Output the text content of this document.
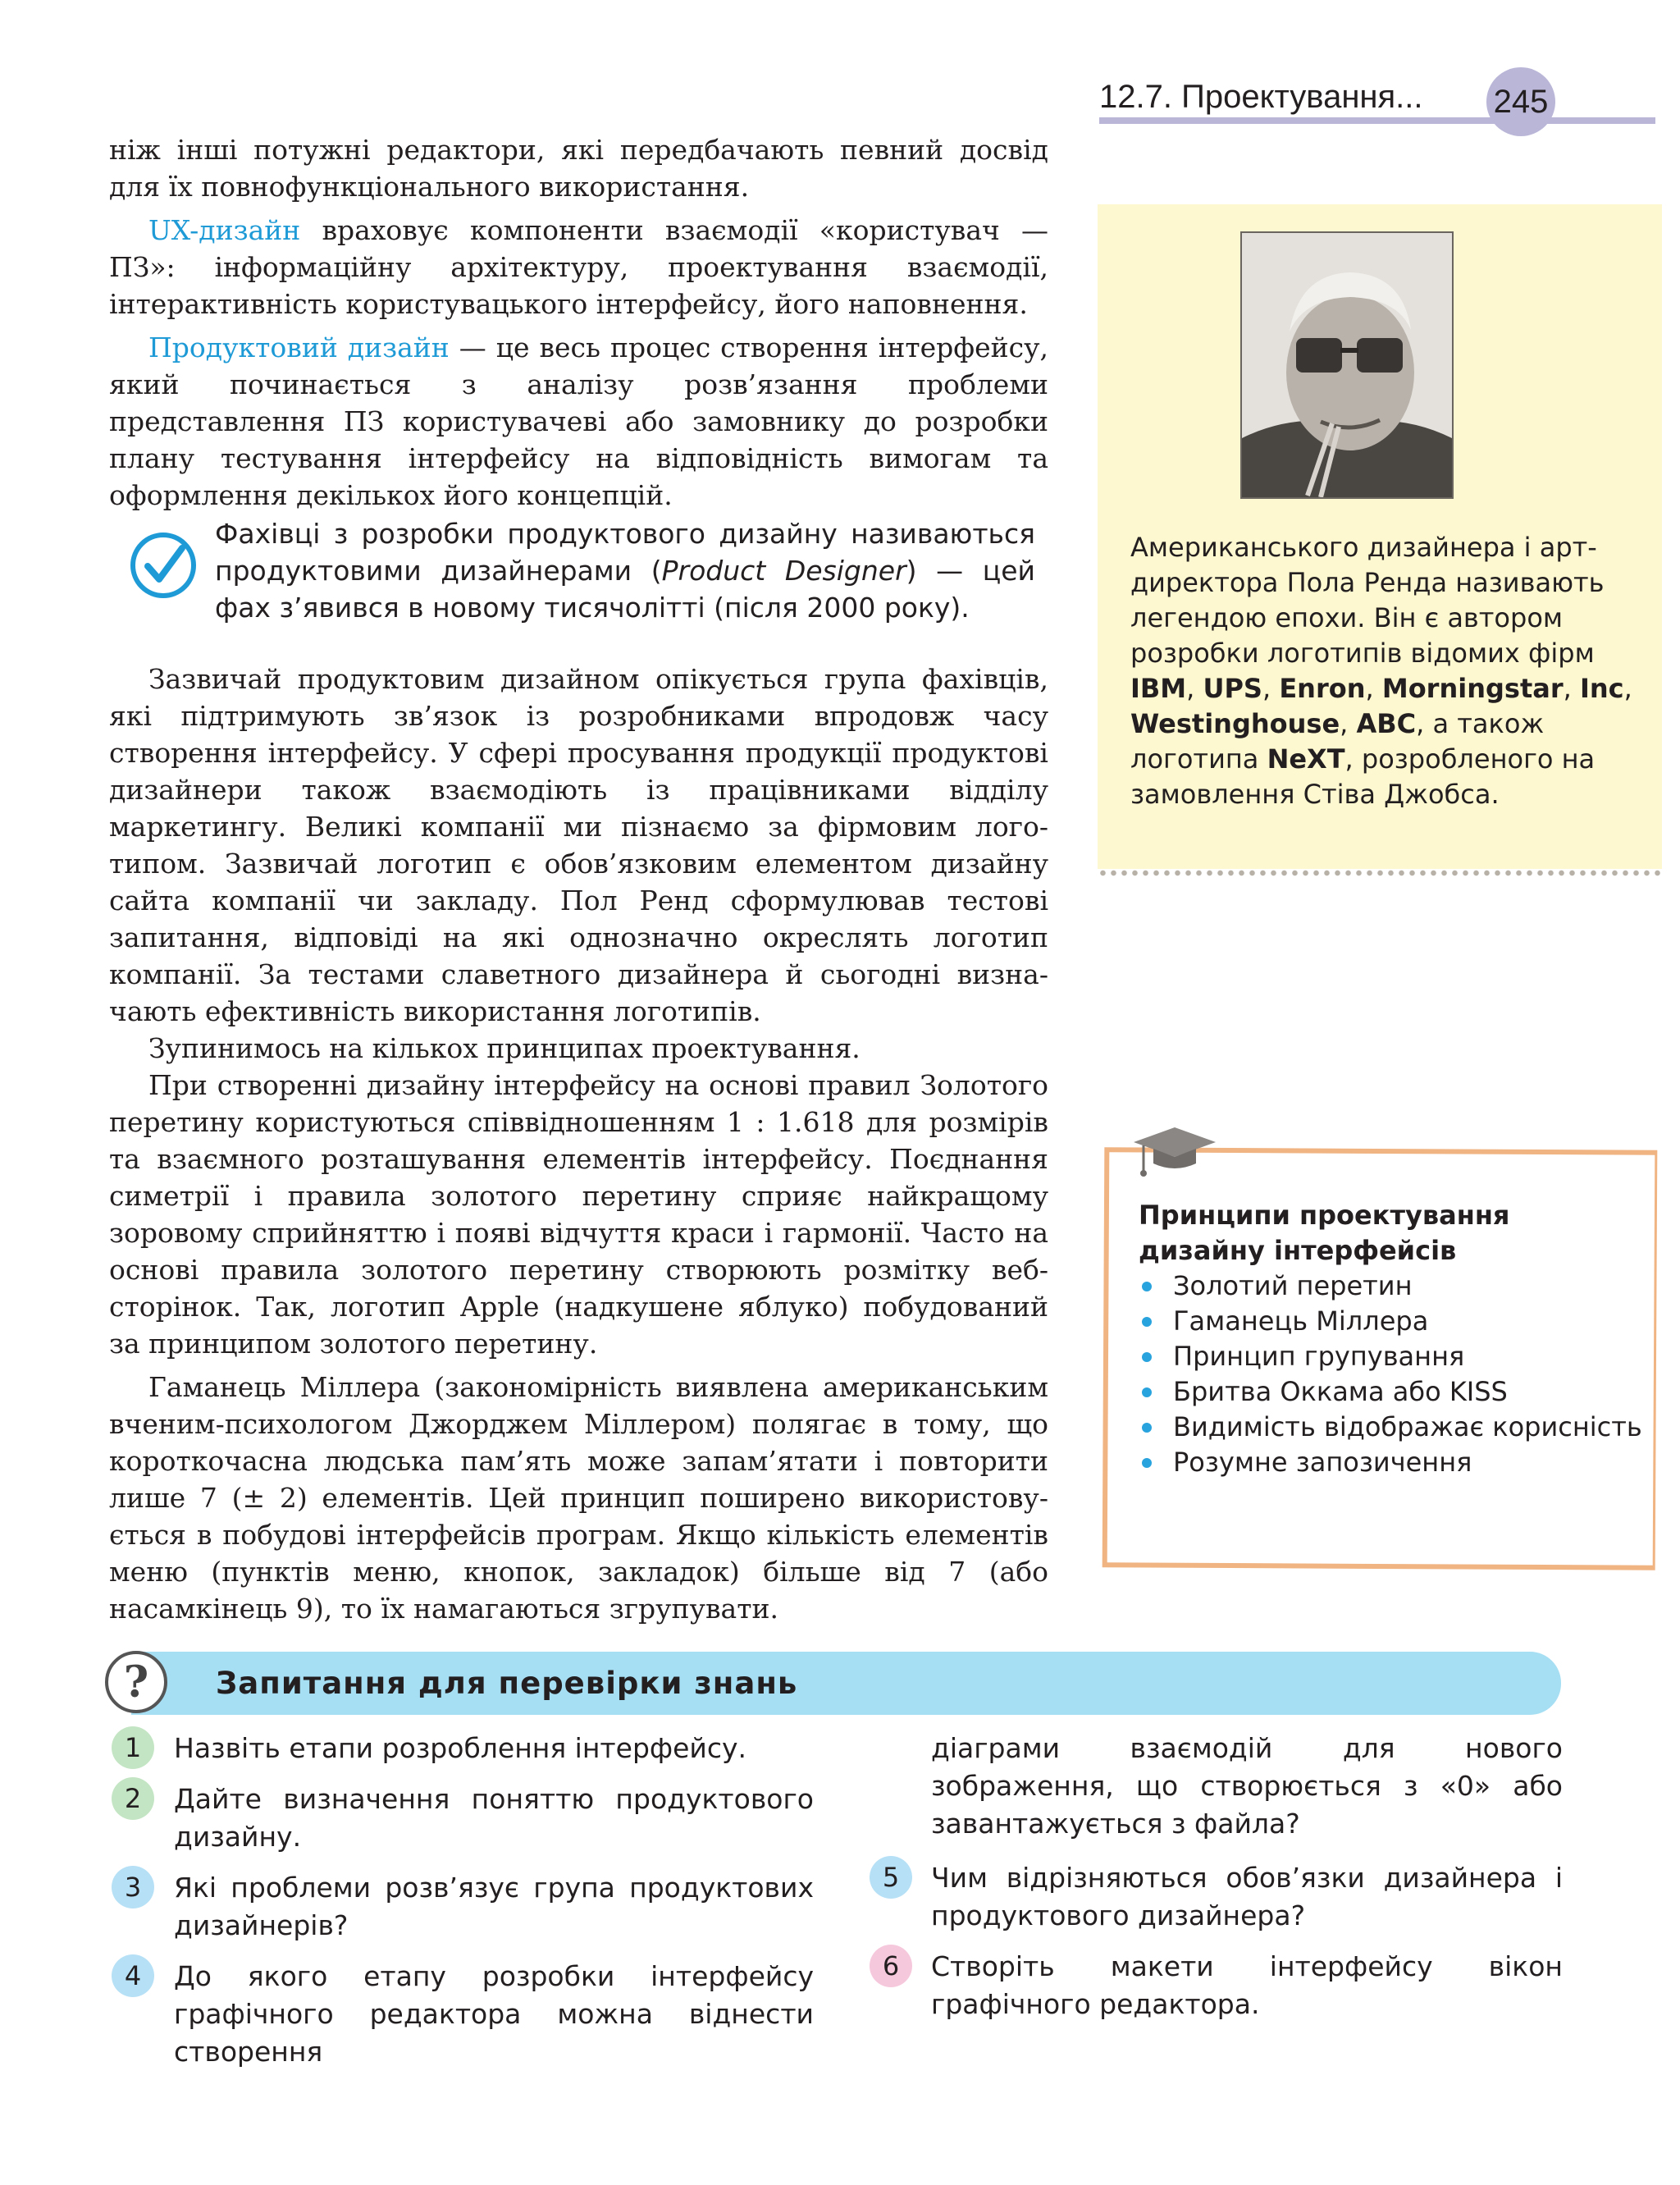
12.7. Проектування... 245

ніж інші потужні редактори, які передбачають певний досвід для їх повнофункціонального використання.

UX-дизайн враховує компоненти взаємодії «користувач — ПЗ»: інформаційну архітектуру, проектування взаємодії, інтерактивність користувацького інтерфейсу, його наповнення.

Продуктовий дизайн — це весь процес створення інтерфейсу, який починається з аналізу розв’язання проблеми представлення ПЗ користувачеві або замовнику до розробки плану тестування інтерфейсу на відповідність вимогам та оформлення декількох його концепцій.

Фахівці з розробки продуктового дизайну називаються продуктовими дизайнерами (Product Designer) — цей фах з’явився в новому тисячолітті (після 2000 року).

Зазвичай продуктовим дизайном опікується група фахівців, які підтримують зв’язок із розробниками впродовж часу створення інтерфейсу. У сфері просування продукції продуктові дизайнери також взаємодіють із працівниками відділу маркетингу. Великі компанії ми пізнаємо за фірмовим логотипом. Зазвичай логотип є обов’язковим елементом дизайну сайта компанії чи закладу. Пол Ренд сформулював тестові запитання, відповіді на які однозначно окреслять логотип компанії. За тестами славетного дизайнера й сьогодні визначають ефективність використання логотипів.

Зупинимось на кількох принципах проектування.

При створенні дизайну інтерфейсу на основі правил Золотого перетину користуються співвідношенням 1 : 1.618 для розмірів та взаємного розташування елементів інтерфейсу. Поєднання симетрії і правила золотого перетину сприяє найкращому зоровому сприйняттю і появі відчуття краси і гармонії. Часто на основі правила золотого перетину створюють розмітку веб-сторінок. Так, логотип Apple (надкушене яблуко) побудований за принципом золотого перетину.

Гаманець Міллера (закономірність виявлена американським вченим-психологом Джорджем Міллером) полягає в тому, що короткочасна людська пам’ять може запам’ятати і повторити лише 7 (± 2) елементів. Цей принцип поширено використовується в побудові інтерфейсів програм. Якщо кількість елементів меню (пунктів меню, кнопок, закладок) більше від 7 (або насамкінець 9), то їх намагаються згрупувати.

Американського дизайнера і арт-директора Пола Ренда називають легендою епохи. Він є автором розробки логотипів відомих фірм IBM, UPS, Enron, Morningstar, Inc, Westinghouse, ABC, а також логотипа NeXT, розробленого на замовлення Стіва Джобса.
Принципи проектування дизайну інтерфейсів
Золотий перетин
Гаманець Міллера
Принцип групування
Бритва Оккама або KISS
Видимість відображає корисність
Розумне запозичення
? Запитання для перевірки знань
1	Назвіть етапи розроблення інтерфейсу.
2	Дайте визначення поняттю продуктового дизайну.
3	Які проблеми розв’язує група продуктових дизайнерів?
4	До якого етапу розробки інтерфейсу графічного редактора можна віднести створення
діаграми взаємодій для нового зображення, що створюється з «0» або завантажується з файла?
5	Чим відрізняються обов’язки дизайнера і продуктового дизайнера?
6	Створіть макети інтерфейсу вікон графічного редактора.
